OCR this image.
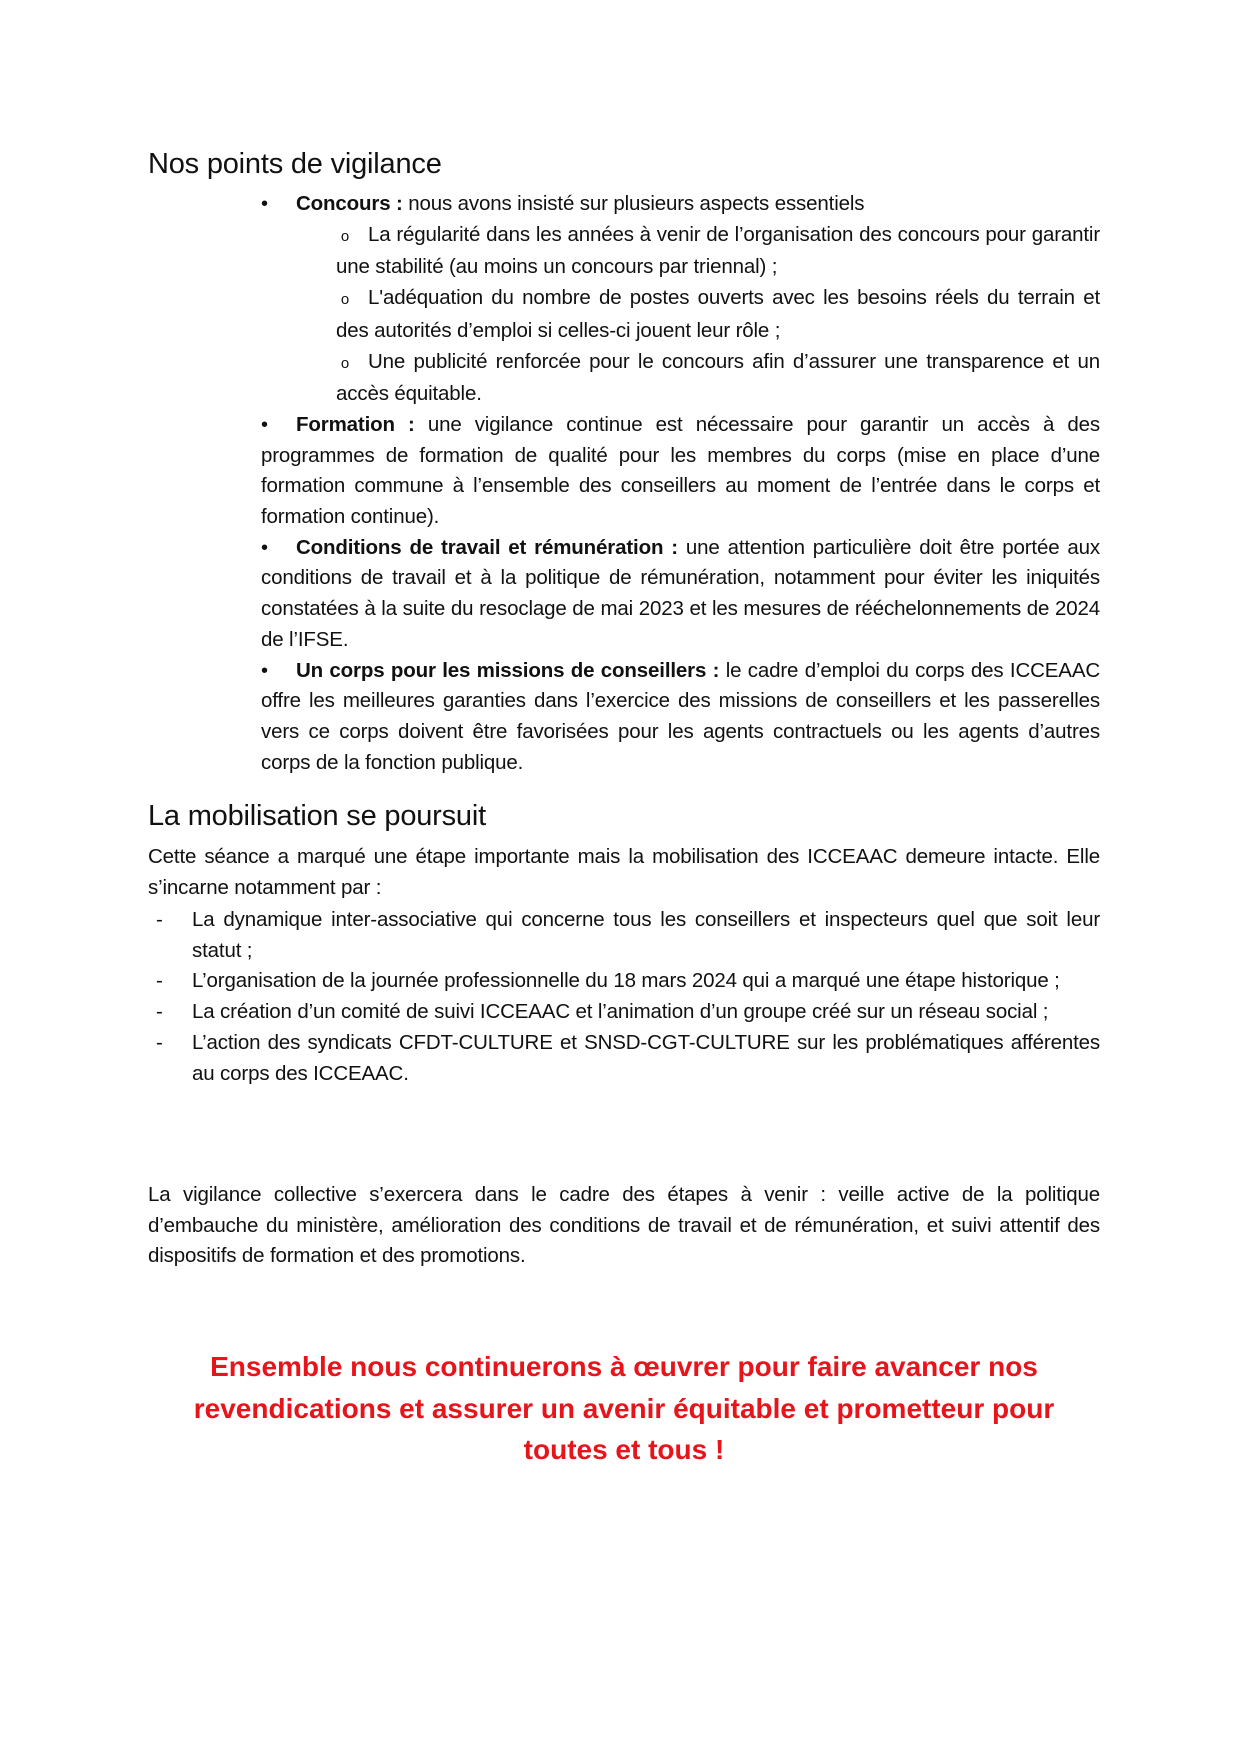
Nos points de vigilance
•	Concours : nous avons insisté sur plusieurs aspects essentiels

o La régularité dans les années à venir de l’organisation des concours pour garantir une stabilité (au moins un concours par triennal) ;

o L'adéquation du nombre de postes ouverts avec les besoins réels du terrain et des autorités d’emploi si celles-ci jouent leur rôle ;

o Une publicité renforcée pour le concours afin d’assurer une transparence et un accès équitable.

•	Formation : une vigilance continue est nécessaire pour garantir un accès à des programmes de formation de qualité pour les membres du corps (mise en place d’une formation commune à l’ensemble des conseillers au moment de l’entrée dans le corps et formation continue).

•	Conditions de travail et rémunération : une attention particulière doit être portée aux conditions de travail et à la politique de rémunération, notamment pour éviter les iniquités constatées à la suite du resoclage de mai 2023 et les mesures de rééchelonnements de 2024 de l’IFSE.

•	Un corps pour les missions de conseillers : le cadre d’emploi du corps des ICCEAAC offre les meilleures garanties dans l’exercice des missions de conseillers et les passerelles vers ce corps doivent être favorisées pour les agents contractuels ou les agents d’autres corps de la fonction publique.

La mobilisation se poursuit

Cette séance a marqué une étape importante mais la mobilisation des ICCEAAC demeure intacte. Elle s’incarne notamment par :

- La dynamique inter-associative qui concerne tous les conseillers et inspecteurs quel que soit leur statut ;

- L’organisation de la journée professionnelle du 18 mars 2024 qui a marqué une étape historique ;

- La création d’un comité de suivi ICCEAAC et l’animation d’un groupe créé sur un réseau social ;

- L’action des syndicats CFDT-CULTURE et SNSD-CGT-CULTURE sur les problématiques afférentes au corps des ICCEAAC.

La vigilance collective s’exercera dans le cadre des étapes à venir : veille active de la politique d’embauche du ministère, amélioration des conditions de travail et de rémunération, et suivi attentif des dispositifs de formation et des promotions.

Ensemble nous continuerons à œuvrer pour faire avancer nos revendications et assurer un avenir équitable et prometteur pour toutes et tous !
